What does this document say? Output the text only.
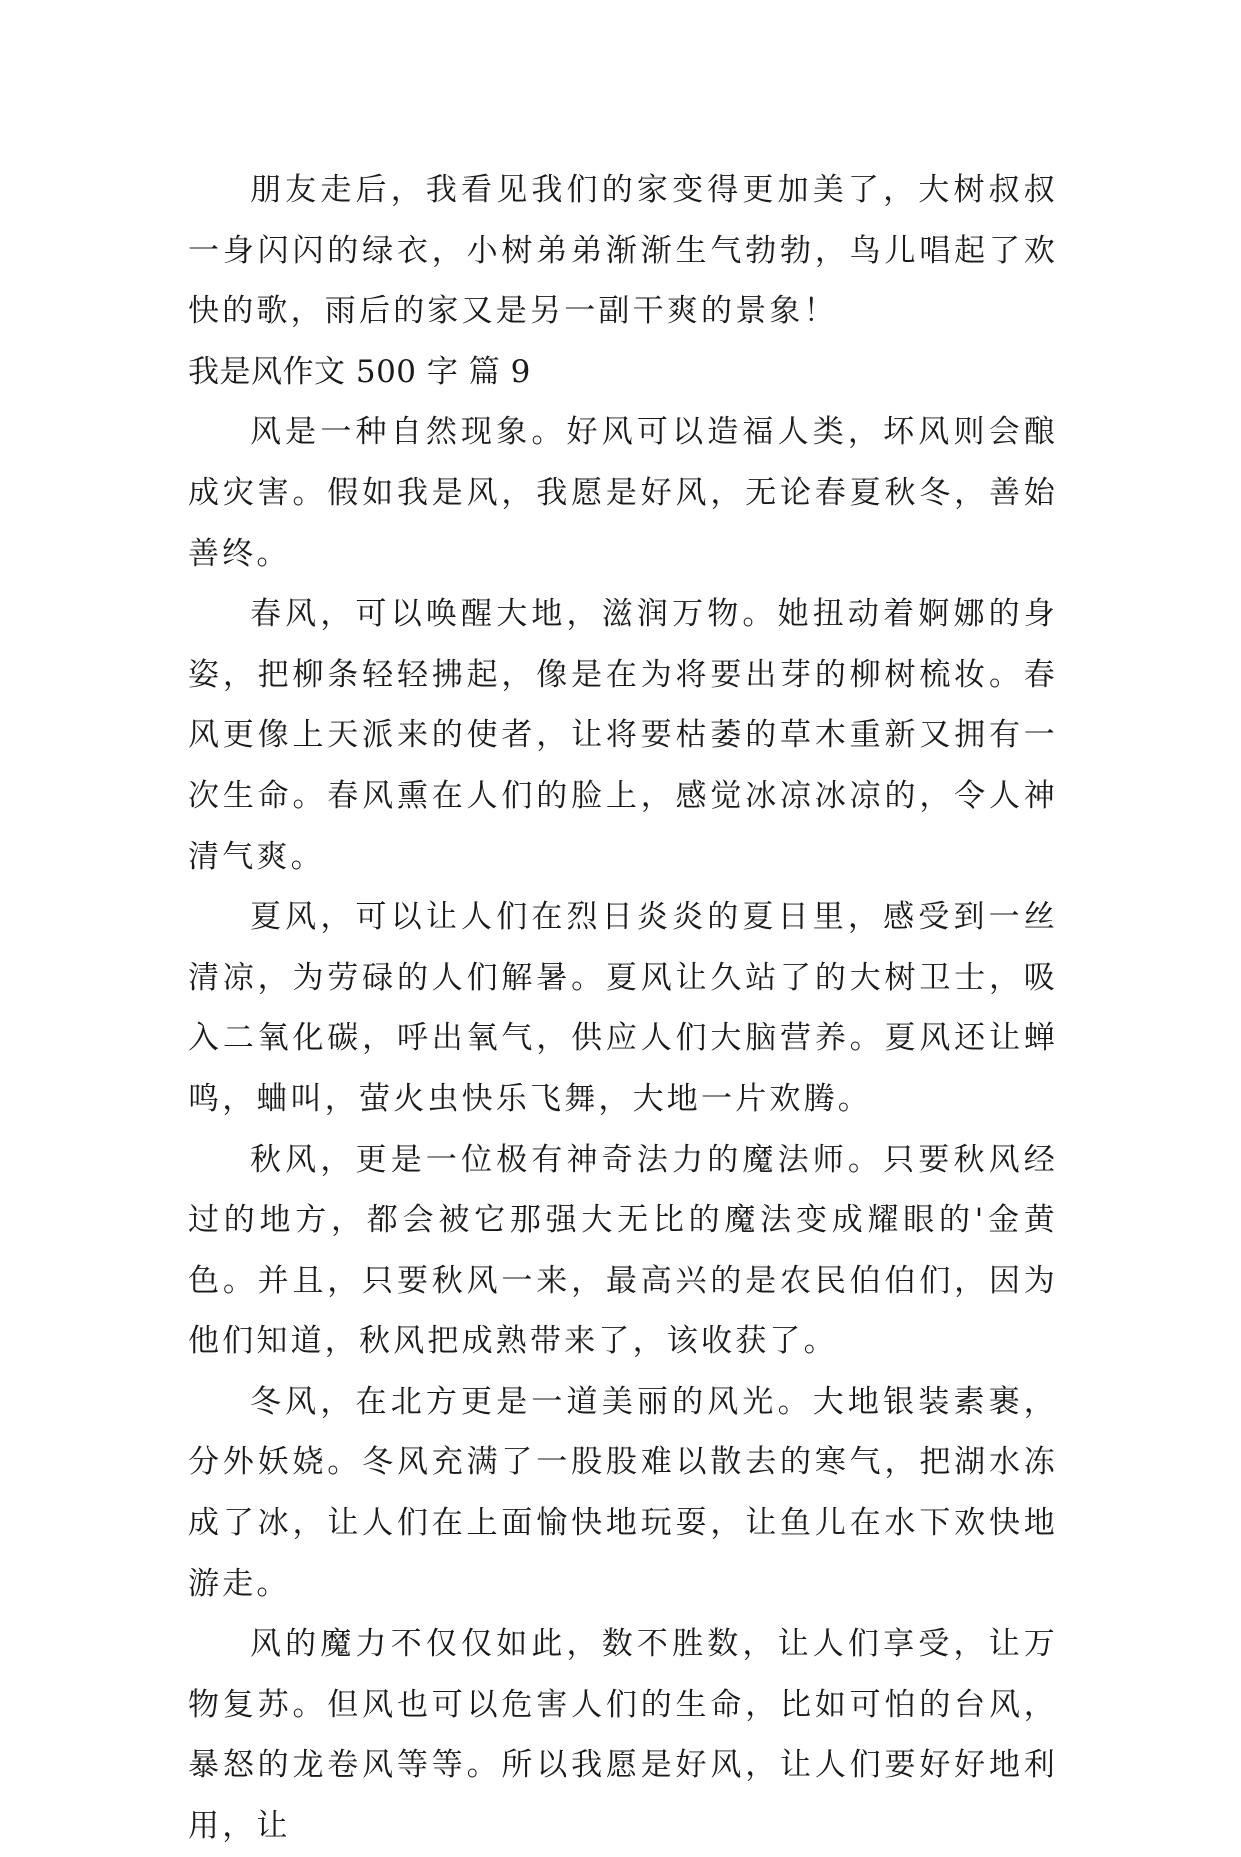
朋友走后，我看见我们的家变得更加美了，大树叔叔一身闪闪的绿衣，小树弟弟渐渐生气勃勃，鸟儿唱起了欢快的歌，雨后的家又是另一副干爽的景象！

我是风作文 500 字 篇 9

风是一种自然现象。好风可以造福人类，坏风则会酿成灾害。假如我是风，我愿是好风，无论春夏秋冬，善始善终。

春风，可以唤醒大地，滋润万物。她扭动着婀娜的身姿，把柳条轻轻拂起，像是在为将要出芽的柳树梳妆。春风更像上天派来的使者，让将要枯萎的草木重新又拥有一次生命。春风熏在人们的脸上，感觉冰凉冰凉的，令人神清气爽。

夏风，可以让人们在烈日炎炎的夏日里，感受到一丝清凉，为劳碌的人们解暑。夏风让久站了的大树卫士，吸入二氧化碳，呼出氧气，供应人们大脑营养。夏风还让蝉鸣，蛐叫，萤火虫快乐飞舞，大地一片欢腾。

秋风，更是一位极有神奇法力的魔法师。只要秋风经过的地方，都会被它那强大无比的魔法变成耀眼的'金黄色。并且，只要秋风一来，最高兴的是农民伯伯们，因为他们知道，秋风把成熟带来了，该收获了。

冬风，在北方更是一道美丽的风光。大地银装素裹，分外妖娆。冬风充满了一股股难以散去的寒气，把湖水冻成了冰，让人们在上面愉快地玩耍，让鱼儿在水下欢快地游走。

风的魔力不仅仅如此，数不胜数，让人们享受，让万物复苏。但风也可以危害人们的生命，比如可怕的台风，暴怒的龙卷风等等。所以我愿是好风，让人们要好好地利用，让
